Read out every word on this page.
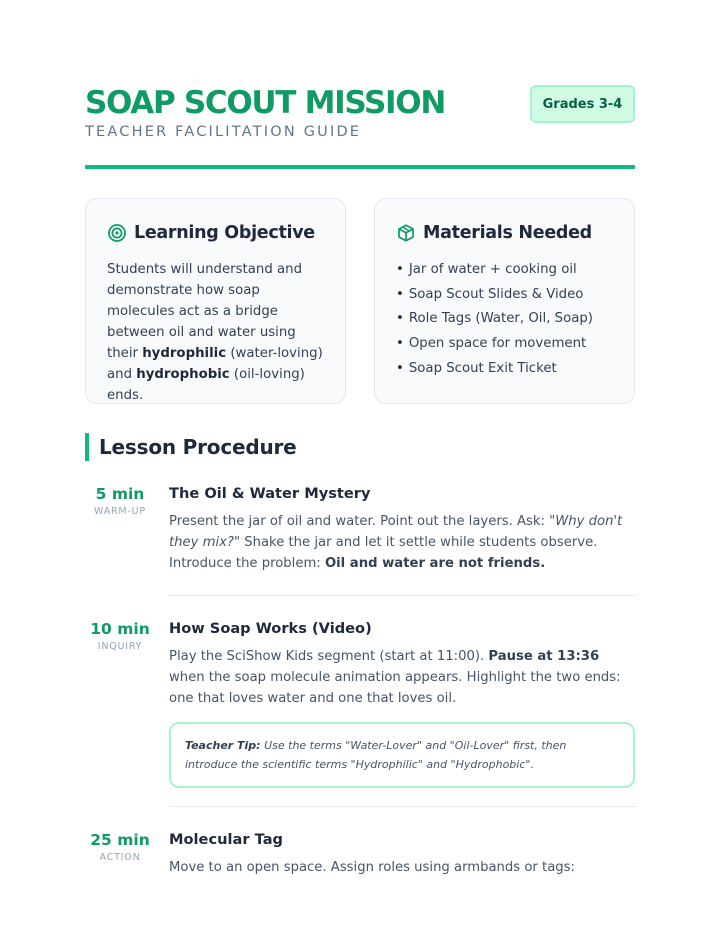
SOAP SCOUT MISSION
TEACHER FACILITATION GUIDE
Grades 3-4
Learning Objective

Students will understand and demonstrate how soap molecules act as a bridge between oil and water using their hydrophilic (water-loving) and hydrophobic (oil-loving) ends.

Materials Needed
• Jar of water + cooking oil
• Soap Scout Slides & Video
• Role Tags (Water, Oil, Soap)
• Open space for movement
• Soap Scout Exit Ticket
Lesson Procedure
5 min
WARM-UP
The Oil & Water Mystery

Present the jar of oil and water. Point out the layers. Ask: "Why don't they mix?" Shake the jar and let it settle while students observe. Introduce the problem: Oil and water are not friends.

10 min
INQUIRY
How Soap Works (Video)

Play the SciShow Kids segment (start at 11:00). Pause at 13:36 when the soap molecule animation appears. Highlight the two ends: one that loves water and one that loves oil.

Teacher Tip: Use the terms "Water-Lover" and "Oil-Lover" first, then introduce the scientific terms "Hydrophilic" and "Hydrophobic".
25 min
ACTION
Molecular Tag

Move to an open space. Assign roles using armbands or tags:
